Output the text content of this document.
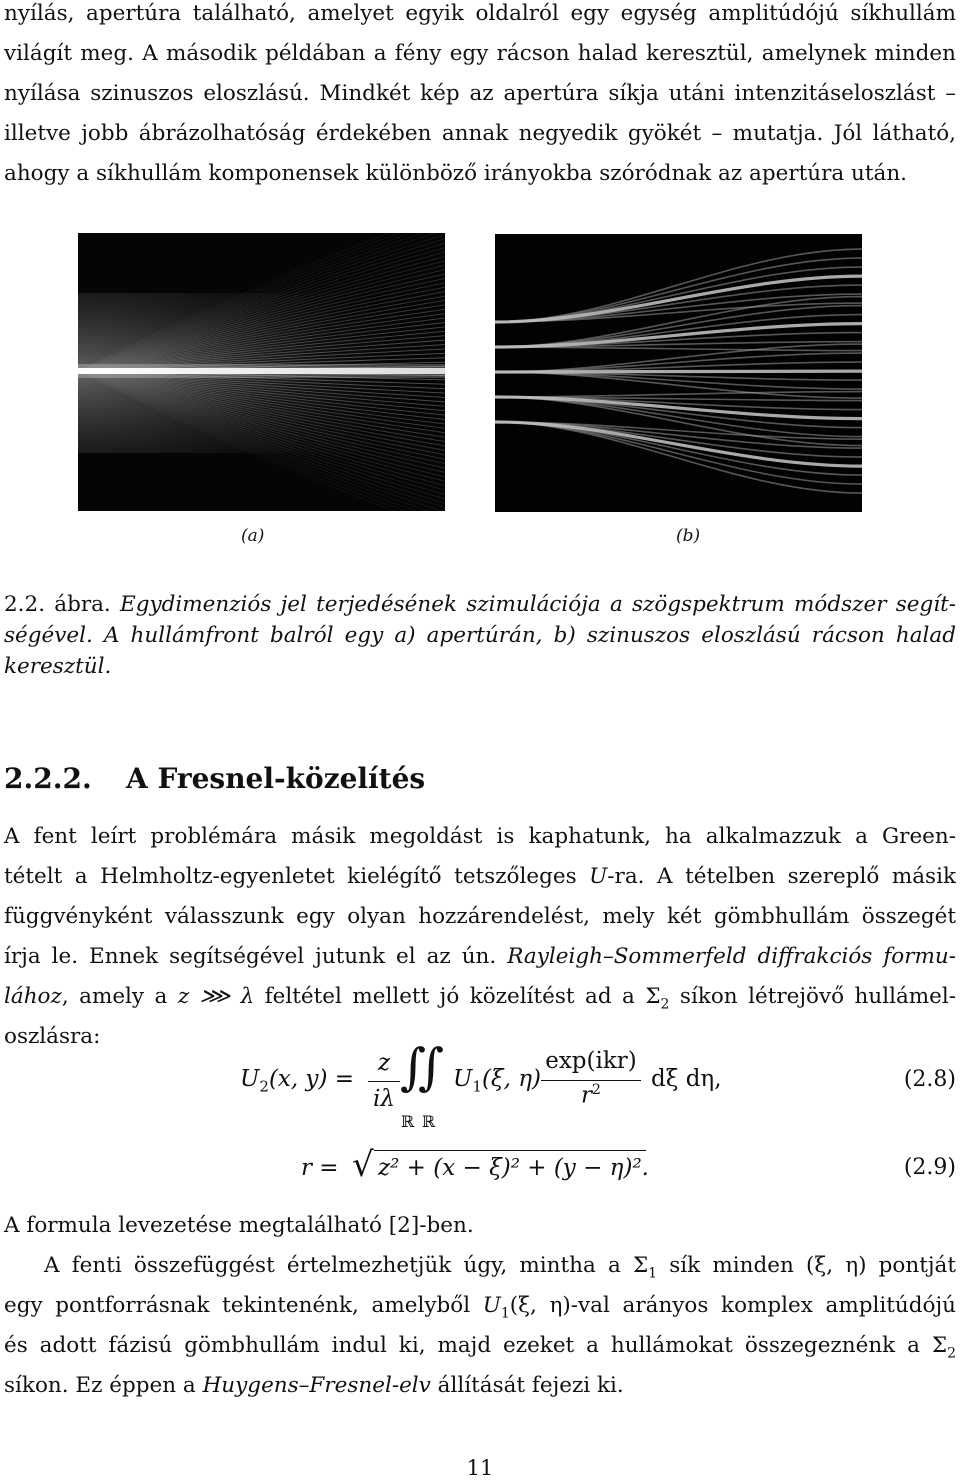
nyílás, apertúra található, amelyet egyik oldalról egy egység amplitúdójú síkhullám
világít meg. A második példában a fény egy rácson halad keresztül, amelynek minden
nyílása szinuszos eloszlású. Mindkét kép az apertúra síkja utáni intenzitáseloszlást –
illetve jobb ábrázolhatóság érdekében annak negyedik gyökét – mutatja. Jól látható,
ahogy a síkhullám komponensek különböző irányokba szóródnak az apertúra után.
(a)	(b)
2.2. ábra. Egydimenziós jel terjedésének szimulációja a szögspektrum módszer segít-
ségével. A hullámfront balról egy a) apertúrán, b) szinuszos eloszlású rácson halad
keresztül.
2.2.2. A Fresnel-közelítés
A fent leírt problémára másik megoldást is kaphatunk, ha alkalmazzuk a Green-
tételt a Helmholtz-egyenletet kielégítő tetszőleges U-ra. A tételben szereplő másik
függvényként válasszunk egy olyan hozzárendelést, mely két gömbhullám összegét
írja le. Ennek segítségével jutunk el az ún. Rayleigh–Sommerfeld diffrakciós formu-
lához, amely a z ⋙ λ feltétel mellett jó közelítést ad a $\Sigma_2$ síkon létrejövő hullámel-
oszlásra:
$U_2(x$, y) =
z
iλ
∫∫
ℝ ℝ
$U_1(\xi$, η)
exp(ikr)
$r^2$	dξ dη,	(2.8)
r = √ z² + (x − ξ)² + (y − η)².	(2.9)
A formula levezetése megtalálható [2]-ben.
A fenti összefüggést értelmezhetjük úgy, mintha a $\Sigma_1$ sík minden (ξ, η) pontját
egy pontforrásnak tekintenénk, amelyből $U_1(\xi$, η)-val arányos komplex amplitúdójú
és adott fázisú gömbhullám indul ki, majd ezeket a hullámokat összegeznénk a $\Sigma_2$
síkon. Ez éppen a Huygens–Fresnel-elv állítását fejezi ki.
11
